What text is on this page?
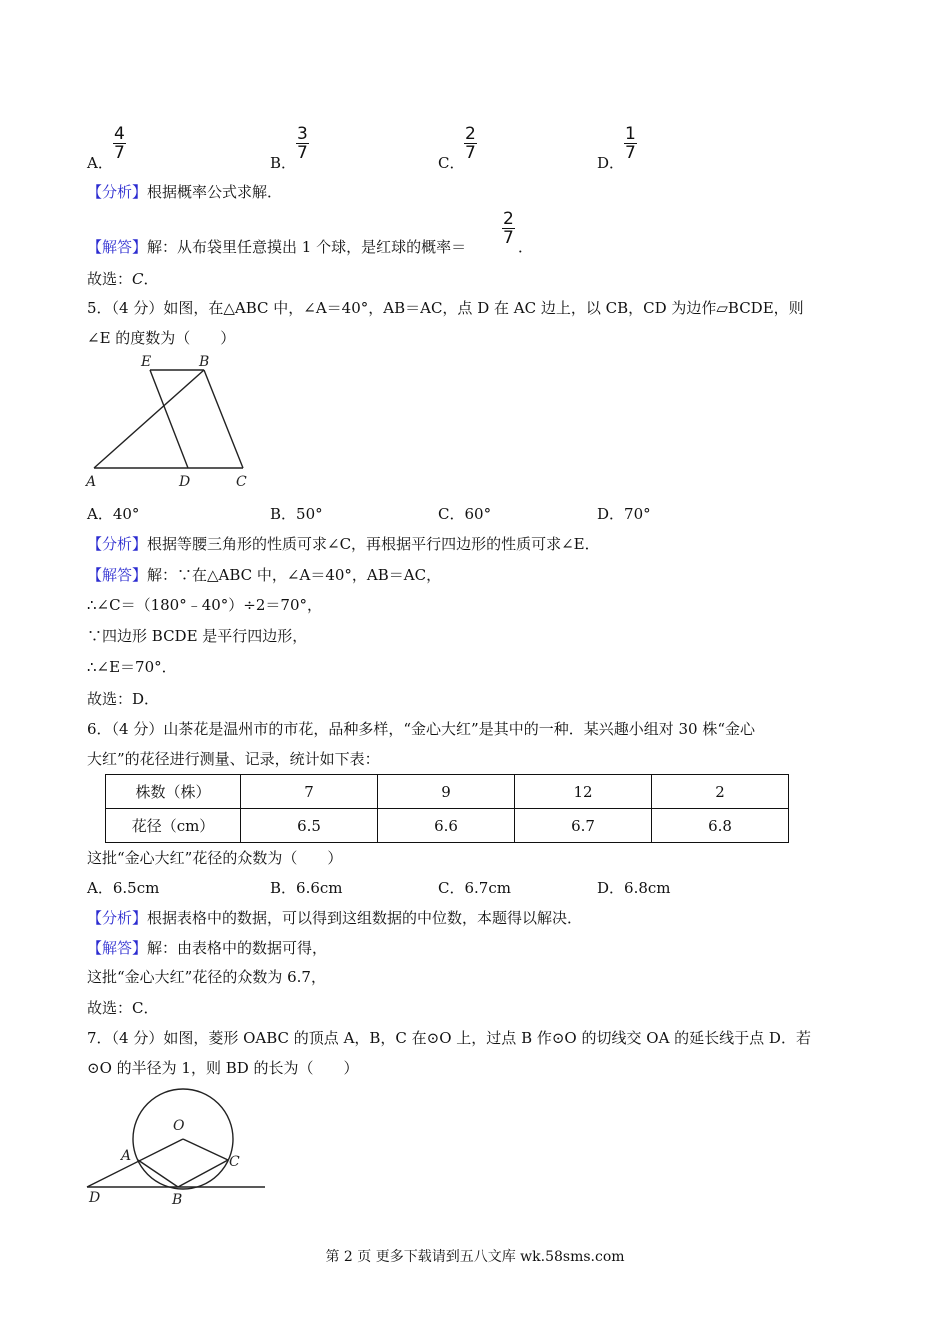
A．
$\frac{4}{7}$
B．
$\frac{3}{7}$
C．
$\frac{2}{7}$
D．
$\frac{1}{7}$
【分析】根据概率公式求解．
【解答】解：从布袋里任意摸出 1 个球，是红球的概率＝ $\frac{2}{7}$ ．
故选：C．
5．（4 分）如图，在△ABC 中，∠A＝40°，AB＝AC，点 D 在 AC 边上，以 CB，CD 为边作▱BCDE，则
∠E 的度数为（　　）
E	B
A	D	C
A．40°	B．50°	C．60°	D．70°
【分析】根据等腰三角形的性质可求∠C，再根据平行四边形的性质可求∠E．
【解答】解：∵在△ABC 中，∠A＝40°，AB＝AC，
∴∠C＝（180°﹣40°）÷2＝70°，
∵四边形 BCDE 是平行四边形，
∴∠E＝70°．
故选：D．
6．（4 分）山茶花是温州市的市花，品种多样，“金心大红”是其中的一种．某兴趣小组对 30 株“金心
大红”的花径进行测量、记录，统计如下表：
株数（株）	7	9	12	2
花径（cm）	6.5	6.6	6.7	6.8
这批“金心大红”花径的众数为（　　）
A．6.5cm	B．6.6cm	C．6.7cm	D．6.8cm
【分析】根据表格中的数据，可以得到这组数据的中位数，本题得以解决．
【解答】解：由表格中的数据可得，
这批“金心大红”花径的众数为 6.7，
故选：C．
7．（4 分）如图，菱形 OABC 的顶点 A，B，C 在⊙O 上，过点 B 作⊙O 的切线交 OA 的延长线于点 D．若
⊙O 的半径为 1，则 BD 的长为（　　）
O
A	C
D	B
第 2 页 更多下载请到五八文库 wk.58sms.com
